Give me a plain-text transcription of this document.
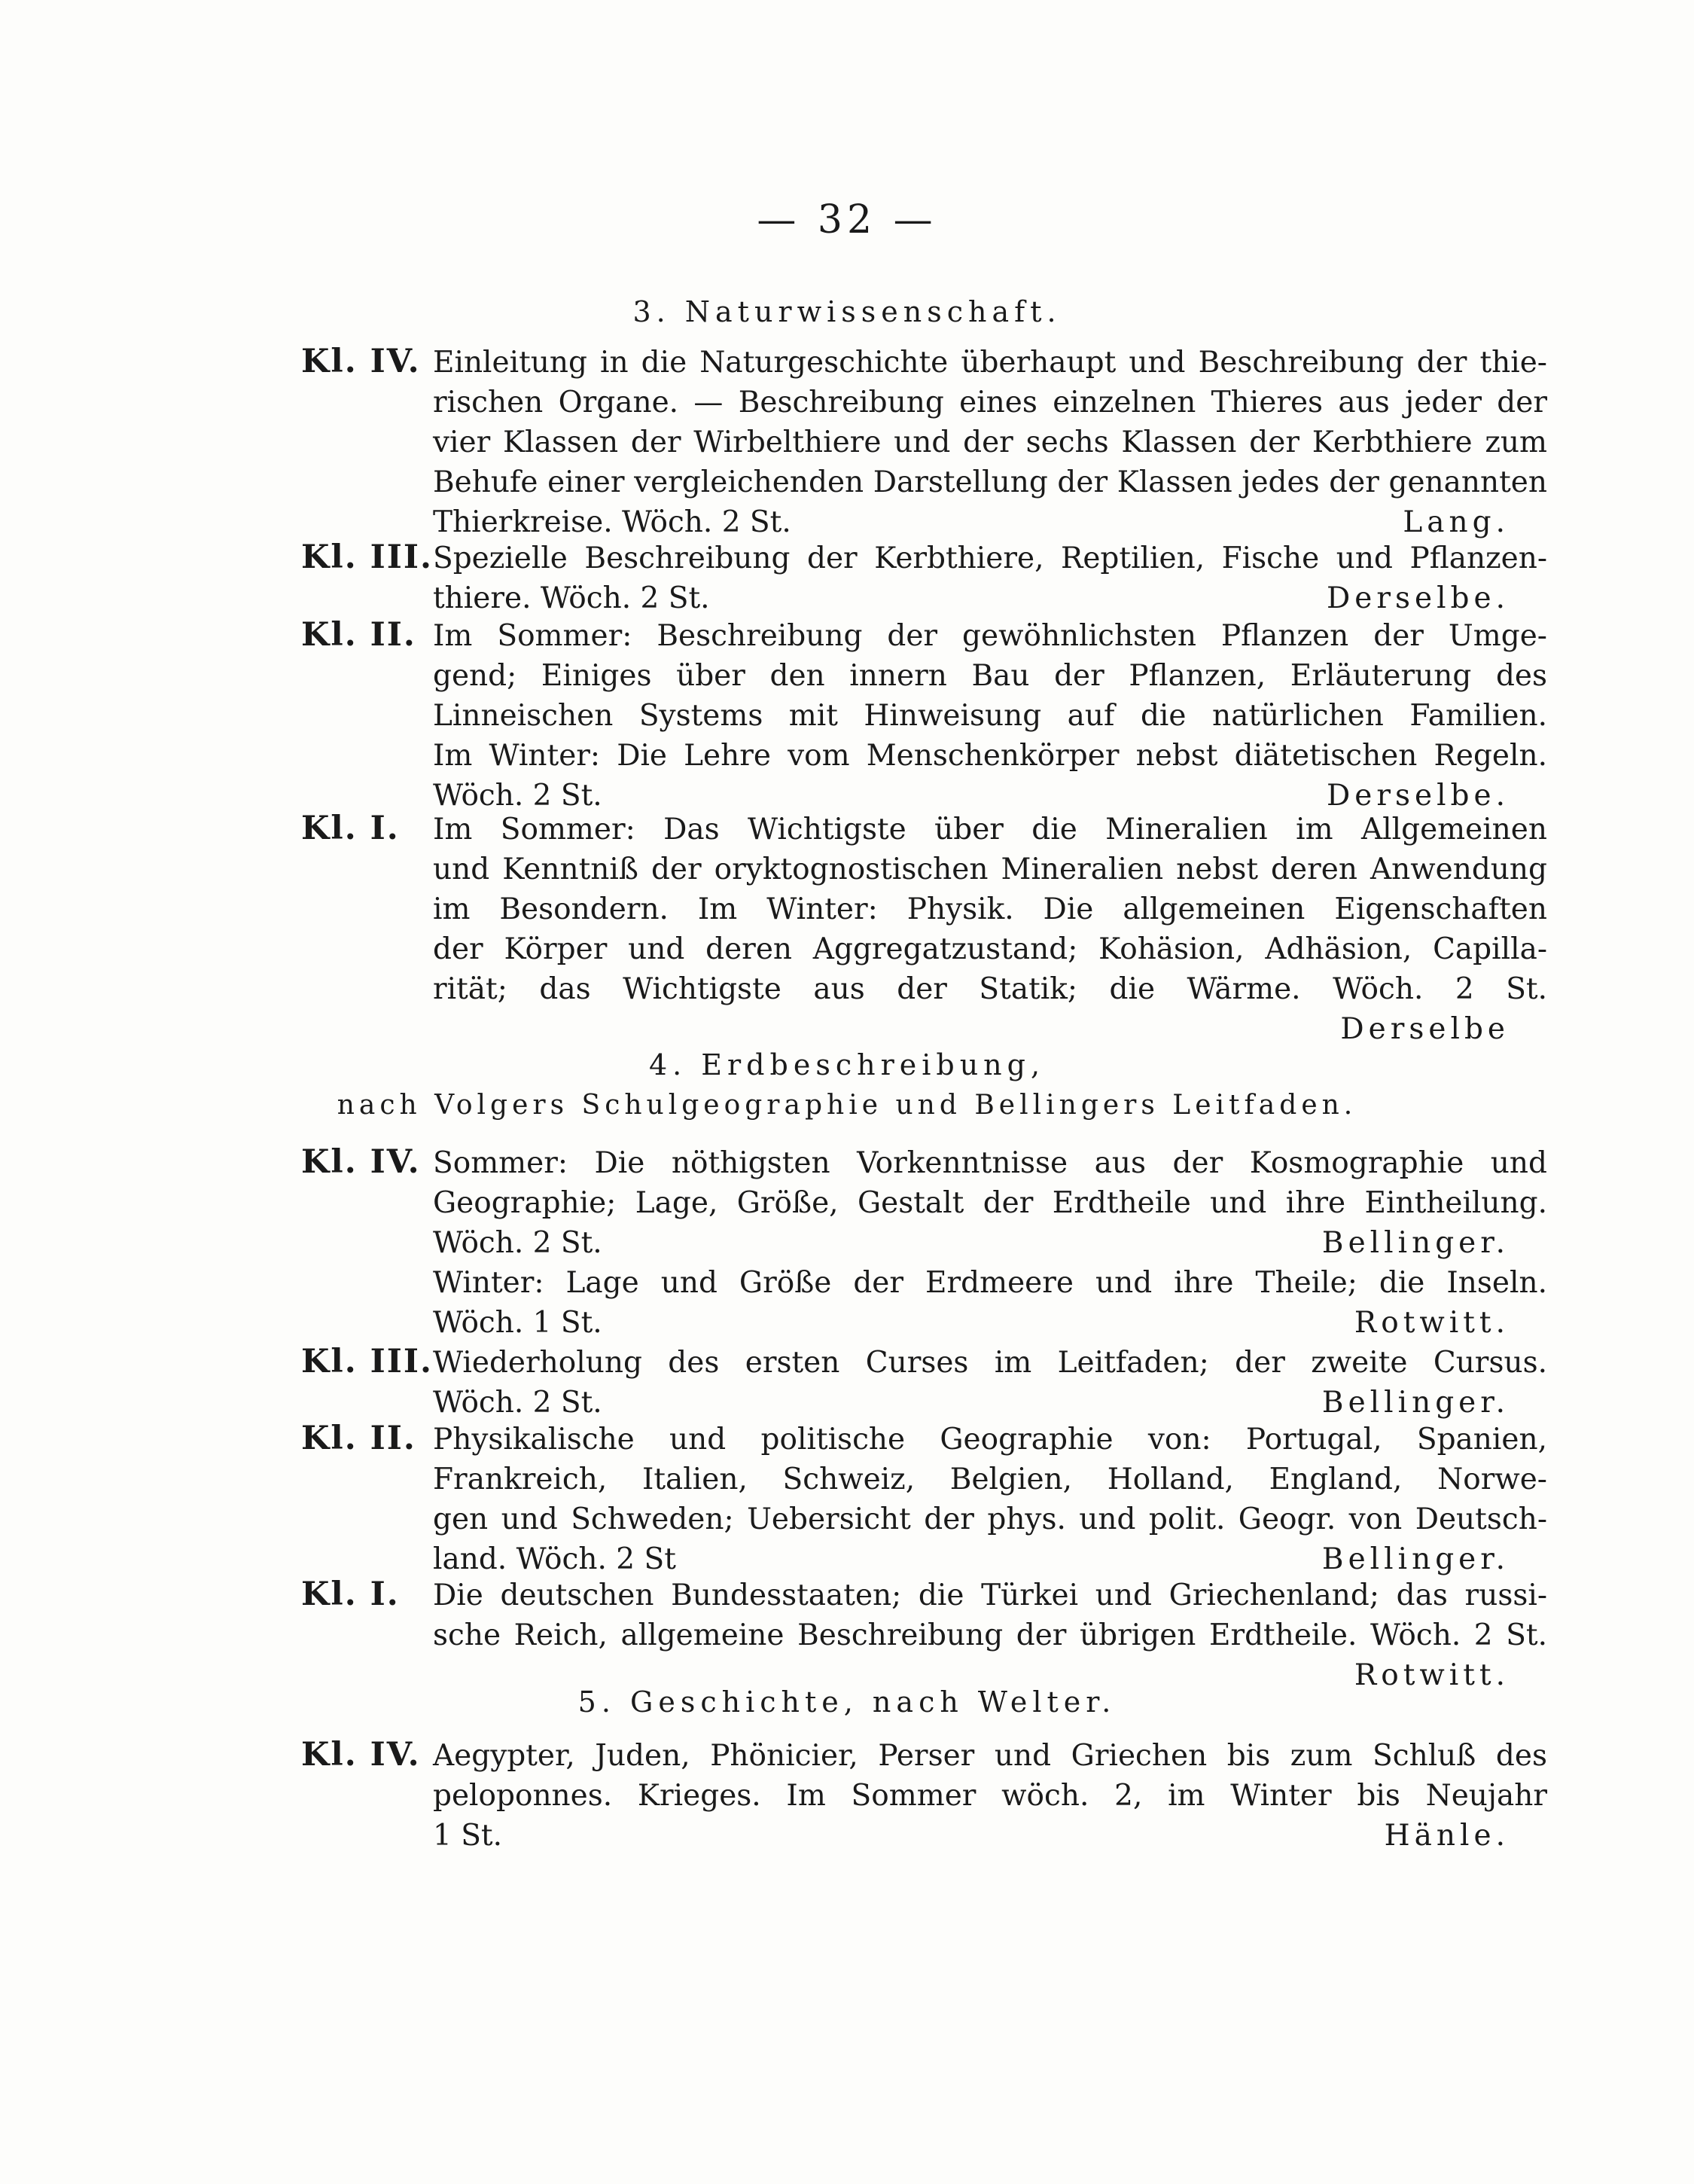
— 32 —
3. Naturwissenschaft.
Kl. IV. Einleitung in die Naturgeschichte überhaupt und Beschreibung der thie-
rischen Organe. — Beschreibung eines einzelnen Thieres aus jeder der
vier Klassen der Wirbelthiere und der sechs Klassen der Kerbthiere zum
Behufe einer vergleichenden Darstellung der Klassen jedes der genannten
Thierkreise. Wöch. 2 St.	Lang.
Kl. III. Spezielle Beschreibung der Kerbthiere, Reptilien, Fische und Pflanzen-
thiere. Wöch. 2 St.	Derselbe.
Kl. II. Im Sommer: Beschreibung der gewöhnlichsten Pflanzen der Umge-
gend; Einiges über den innern Bau der Pflanzen, Erläuterung des
Linneischen Systems mit Hinweisung auf die natürlichen Familien.
Im Winter: Die Lehre vom Menschenkörper nebst diätetischen Regeln.
Wöch. 2 St.	Derselbe.
Kl. I. Im Sommer: Das Wichtigste über die Mineralien im Allgemeinen
und Kenntniß der oryktognostischen Mineralien nebst deren Anwendung
im Besondern. Im Winter: Physik. Die allgemeinen Eigenschaften
der Körper und deren Aggregatzustand; Kohäsion, Adhäsion, Capilla-
rität; das Wichtigste aus der Statik; die Wärme. Wöch. 2 St.
Derselbe
4. Erdbeschreibung,
nach Volgers Schulgeographie und Bellingers Leitfaden.
Kl. IV. Sommer: Die nöthigsten Vorkenntnisse aus der Kosmographie und
Geographie; Lage, Größe, Gestalt der Erdtheile und ihre Eintheilung.
Wöch. 2 St.	Bellinger.
Winter: Lage und Größe der Erdmeere und ihre Theile; die Inseln.
Wöch. 1 St.	Rotwitt.
Kl. III. Wiederholung des ersten Curses im Leitfaden; der zweite Cursus.
Wöch. 2 St.	Bellinger.
Kl. II. Physikalische und politische Geographie von: Portugal, Spanien,
Frankreich, Italien, Schweiz, Belgien, Holland, England, Norwe-
gen und Schweden; Uebersicht der phys. und polit. Geogr. von Deutsch-
land. Wöch. 2 St	Bellinger.
Kl. I. Die deutschen Bundesstaaten; die Türkei und Griechenland; das russi-
sche Reich, allgemeine Beschreibung der übrigen Erdtheile. Wöch. 2 St.
Rotwitt.
5. Geschichte, nach Welter.
Kl. IV. Aegypter, Juden, Phönicier, Perser und Griechen bis zum Schluß des
peloponnes. Krieges. Im Sommer wöch. 2, im Winter bis Neujahr
1 St.	Hänle.
